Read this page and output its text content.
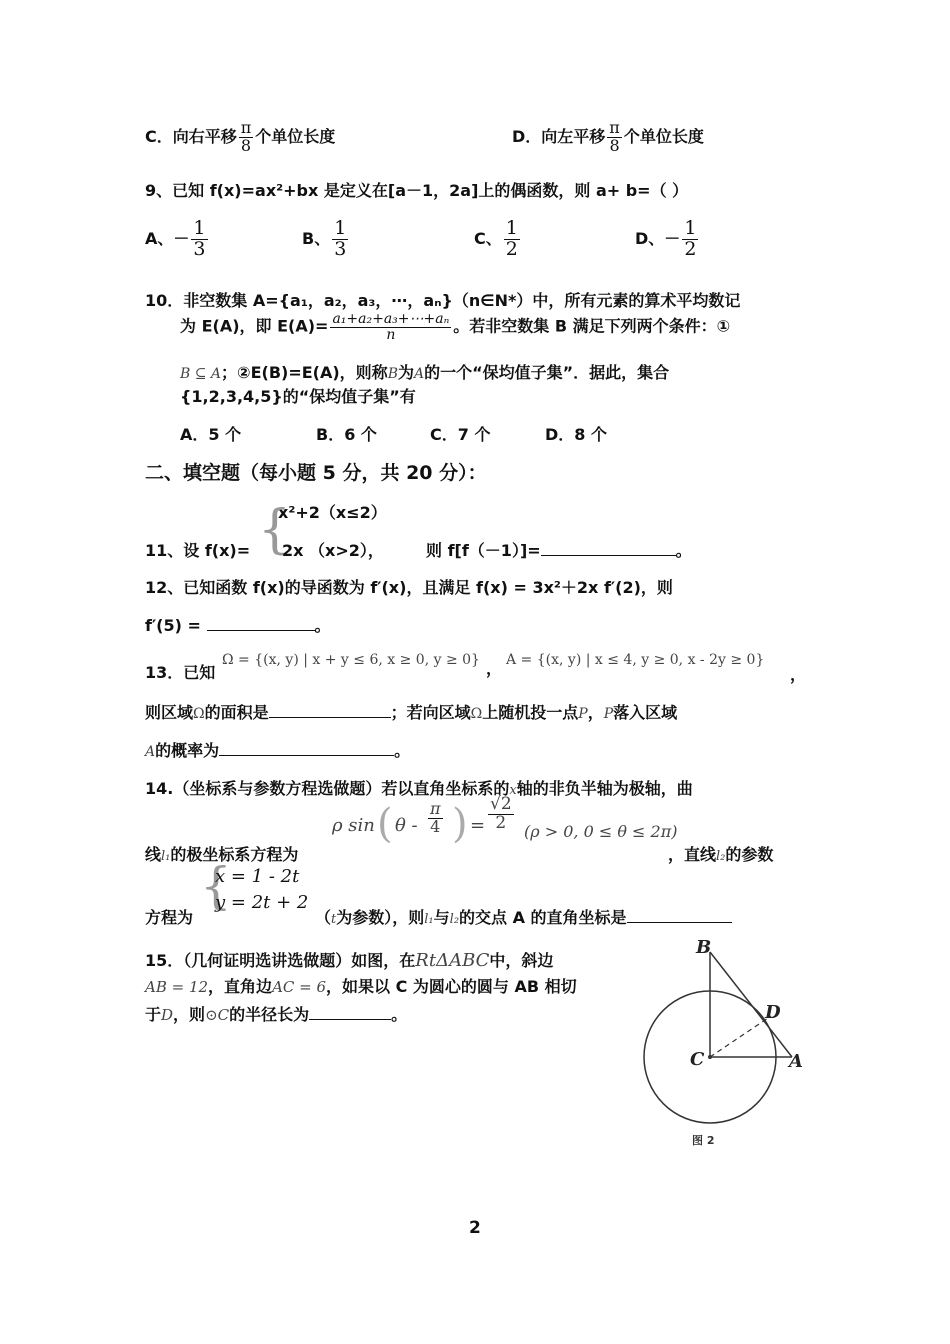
C．向右平移 $\frac{\pi}{8}$ 个单位长度	D．向左平移 $\frac{\pi}{8}$ 个单位长度
9、已知 f(x)=ax²+bx 是定义在[a－1，2a]上的偶函数，则 a+ b=（ ）
A、－ $\frac{1}{3}$	B、 $\frac{1}{3}$	C、 $\frac{1}{2}$	D、－ $\frac{1}{2}$
10．非空数集 A={a₁，a₂，a₃，⋯，aₙ}（n∈N*）中，所有元素的算术平均数记
为 E(A)，即 $E(A)= \frac{\text{a₁+a₂+a₃+⋯+aₙ}}{n}$ 。若非空数集 B 满足下列两个条件：①
B ⊆ A；②E(B)=E(A)，则称B为A的一个“保均值子集”．据此，集合
{1,2,3,4,5}的“保均值子集”有
A．5 个	B．6 个	C．7 个	D．8 个
二、填空题（每小题 5 分，共 20 分）：
x²+2（x≤2）
{
11、设 f(x)= 2x （x>2），	则 f[f（－1）]=	。
12、已知函数 f(x)的导函数为 f′(x)，且满足 f(x) = 3x²＋2x f′(2)，则
f′(5) =	。
13．已知
Ω = {(x, y) | x + y ≤ 6, x ≥ 0, y ≥ 0} ， A = {(x, y) | x ≤ 4, y ≥ 0, x - 2y ≥ 0}
，
则区域Ω的面积是	；若向区域Ω上随机投一点P，P落入区域
A的概率为	。
14.（坐标系与参数方程选做题）若以直角坐标系的x轴的非负半轴为极轴，曲
线l₁的极坐标系方程为
ρ sin ( θ - $\frac{\pi}{4}$ ) = $\frac{√2}{2} (\rho > 0$, 0 ≤ θ ≤ 2π)
，直线l₂的参数
{
x = 1 - 2t
y = 2t + 2
方程为	（t为参数），则l₁与l₂的交点 A 的直角坐标是
15．（几何证明选讲选做题）如图，在RtΔABC中，斜边
AB = 12，直角边AC = 6，如果以 C 为圆心的圆与 AB 相切
于D，则⊙C的半径长为	。
B
D
C	A
图 2
2
